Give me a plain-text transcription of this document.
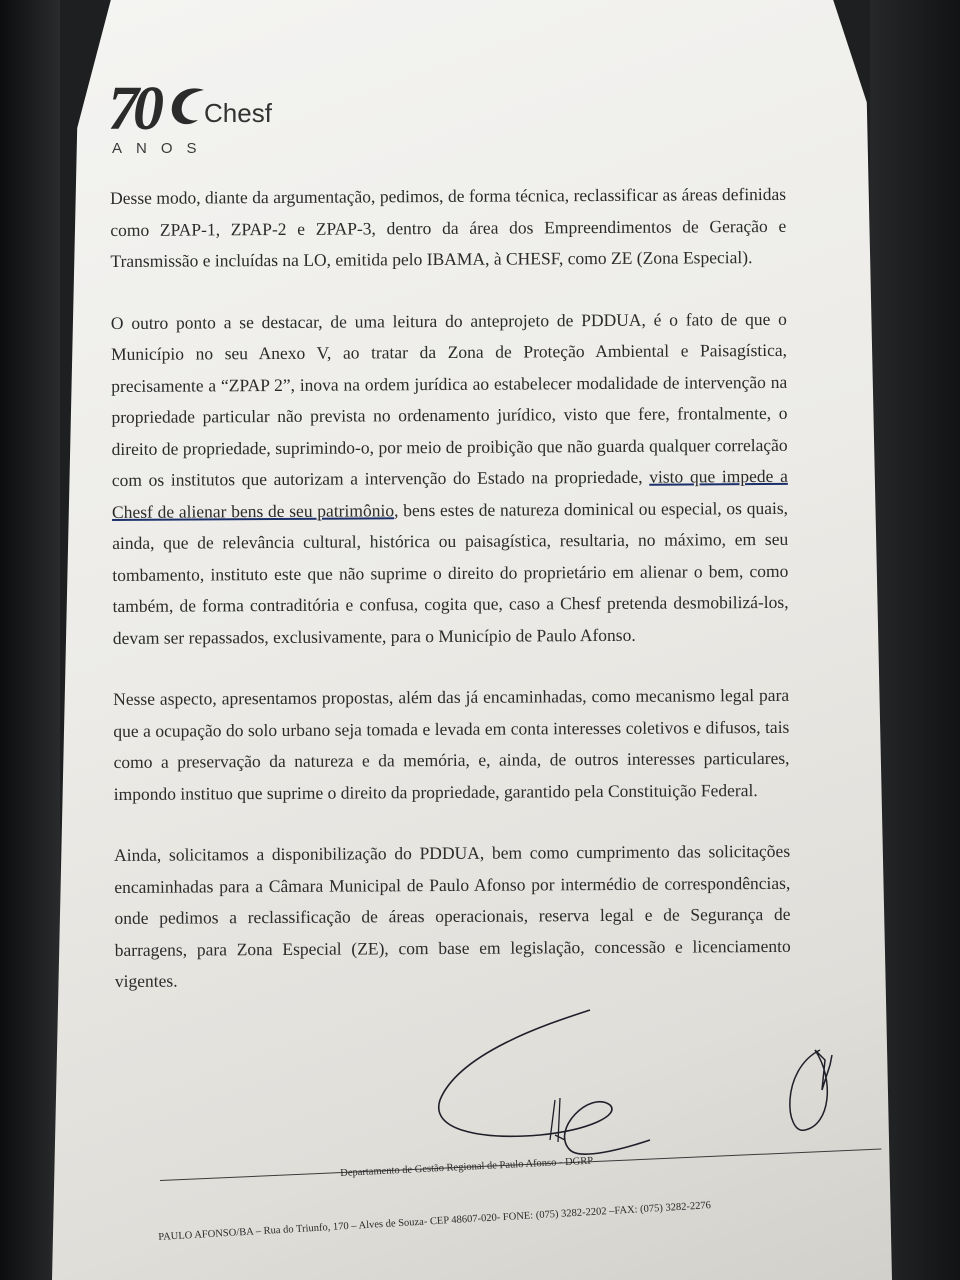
70 Chesf
ANOS

Desse modo, diante da argumentação, pedimos, de forma técnica, reclassificar as áreas definidas como ZPAP-1, ZPAP-2 e ZPAP-3, dentro da área dos Empreendimentos de Geração e Transmissão e incluídas na LO, emitida pelo IBAMA, à CHESF, como ZE (Zona Especial).

O outro ponto a se destacar, de uma leitura do anteprojeto de PDDUA, é o fato de que o Município no seu Anexo V, ao tratar da Zona de Proteção Ambiental e Paisagística, precisamente a “ZPAP 2”, inova na ordem jurídica ao estabelecer modalidade de intervenção na propriedade particular não prevista no ordenamento jurídico, visto que fere, frontalmente, o direito de propriedade, suprimindo-o, por meio de proibição que não guarda qualquer correlação com os institutos que autorizam a intervenção do Estado na propriedade, visto que impede a Chesf de alienar bens de seu patrimônio, bens estes de natureza dominical ou especial, os quais, ainda, que de relevância cultural, histórica ou paisagística, resultaria, no máximo, em seu tombamento, instituto este que não suprime o direito do proprietário em alienar o bem, como também, de forma contraditória e confusa, cogita que, caso a Chesf pretenda desmobilizá-los, devam ser repassados, exclusivamente, para o Município de Paulo Afonso.

Nesse aspecto, apresentamos propostas, além das já encaminhadas, como mecanismo legal para que a ocupação do solo urbano seja tomada e levada em conta interesses coletivos e difusos, tais como a preservação da natureza e da memória, e, ainda, de outros interesses particulares, impondo instituo que suprime o direito da propriedade, garantido pela Constituição Federal.

Ainda, solicitamos a disponibilização do PDDUA, bem como cumprimento das solicitações encaminhadas para a Câmara Municipal de Paulo Afonso por intermédio de correspondências, onde pedimos a reclassificação de áreas operacionais, reserva legal e de Segurança de barragens, para Zona Especial (ZE), com base em legislação, concessão e licenciamento vigentes.

Departamento de Gestão Regional de Paulo Afonso - DGRP
PAULO AFONSO/BA – Rua do Triunfo, 170 – Alves de Souza- CEP 48607-020- FONE: (075) 3282-2202 –FAX: (075) 3282-2276
